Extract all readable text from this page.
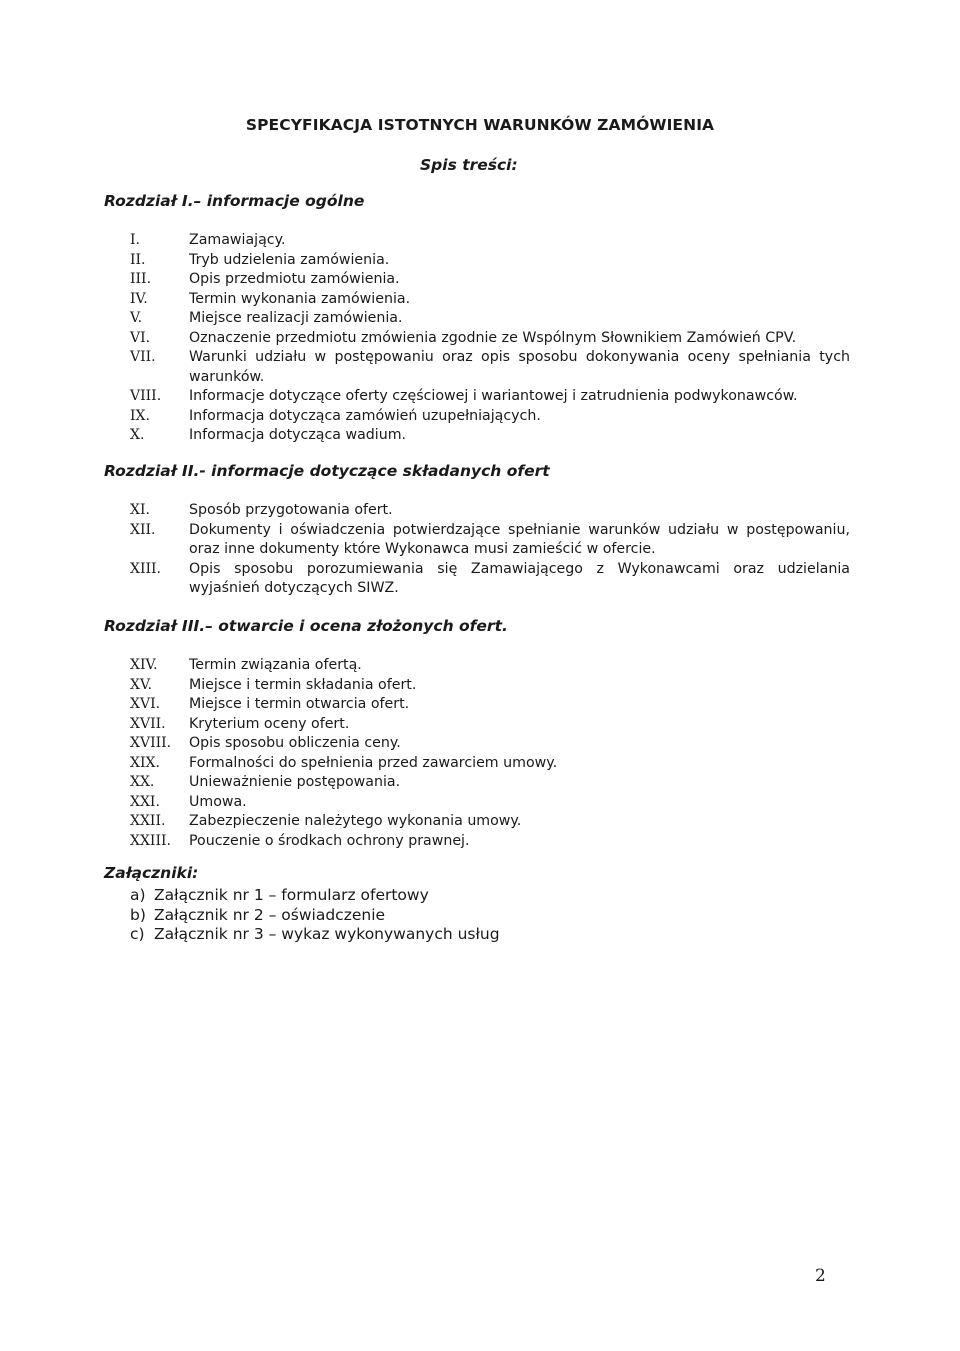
SPECYFIKACJA ISTOTNYCH WARUNKÓW ZAMÓWIENIA
Spis treści:
Rozdział I.– informacje ogólne
I.	Zamawiający.
II.	Tryb udzielenia zamówienia.
III.	Opis przedmiotu zamówienia.
IV.	Termin wykonania zamówienia.
V.	Miejsce realizacji zamówienia.
VI.	Oznaczenie przedmiotu zmówienia zgodnie ze Wspólnym Słownikiem Zamówień CPV.
VII.	Warunki udziału w postępowaniu oraz opis sposobu dokonywania oceny spełniania tych warunków.
VIII.	Informacje dotyczące oferty częściowej i wariantowej i zatrudnienia podwykonawców.
IX.	Informacja dotycząca zamówień uzupełniających.
X.	Informacja dotycząca wadium.
Rozdział II.- informacje dotyczące składanych ofert
XI.	Sposób przygotowania ofert.
XII.	Dokumenty i oświadczenia potwierdzające spełnianie warunków udziału w postępowaniu, oraz inne dokumenty które Wykonawca musi zamieścić w ofercie.
XIII.	Opis sposobu porozumiewania się Zamawiającego z Wykonawcami oraz udzielania wyjaśnień dotyczących SIWZ.
Rozdział III.– otwarcie i ocena złożonych ofert.
XIV.	Termin związania ofertą.
XV.	Miejsce i termin składania ofert.
XVI.	Miejsce i termin otwarcia ofert.
XVII.	Kryterium oceny ofert.
XVIII.	Opis sposobu obliczenia ceny.
XIX.	Formalności do spełnienia przed zawarciem umowy.
XX.	Unieważnienie postępowania.
XXI.	Umowa.
XXII.	Zabezpieczenie należytego wykonania umowy.
XXIII.	Pouczenie o środkach ochrony prawnej.
Załączniki:
a) Załącznik nr 1 – formularz ofertowy
b) Załącznik nr 2 – oświadczenie
c) Załącznik nr 3 – wykaz wykonywanych usług
2
